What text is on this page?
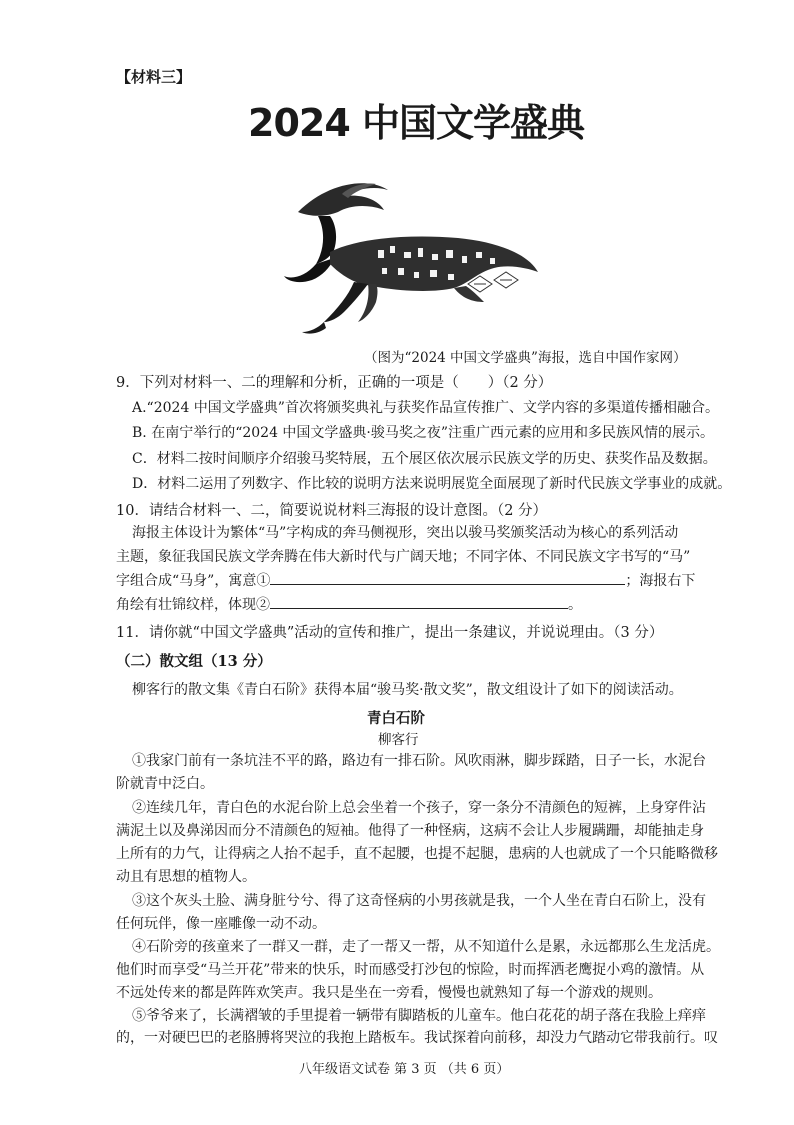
【材料三】
2024 中国文学盛典
（图为“2024 中国文学盛典”海报，选自中国作家网）
9．下列对材料一、二的理解和分析，正确的一项是（　　）（2 分）
A.“2024 中国文学盛典”首次将颁奖典礼与获奖作品宣传推广、文学内容的多渠道传播相融合。
B. 在南宁举行的“2024 中国文学盛典·骏马奖之夜”注重广西元素的应用和多民族风情的展示。
C．材料二按时间顺序介绍骏马奖特展，五个展区依次展示民族文学的历史、获奖作品及数据。
D．材料二运用了列数字、作比较的说明方法来说明展览全面展现了新时代民族文学事业的成就。
10．请结合材料一、二，简要说说材料三海报的设计意图。（2 分）
海报主体设计为繁体“马”字构成的奔马侧视形，突出以骏马奖颁奖活动为核心的系列活动
主题，象征我国民族文学奔腾在伟大新时代与广阔天地；不同字体、不同民族文字书写的“马”
字组合成“马身”，寓意①	；海报右下
角绘有壮锦纹样，体现②	。
11．请你就“中国文学盛典”活动的宣传和推广，提出一条建议，并说说理由。（3 分）
（二）散文组（13 分）
柳客行的散文集《青白石阶》获得本届“骏马奖·散文奖”，散文组设计了如下的阅读活动。
青白石阶
柳客行
①我家门前有一条坑洼不平的路，路边有一排石阶。风吹雨淋，脚步踩踏，日子一长，水泥台
阶就青中泛白。
②连续几年，青白色的水泥台阶上总会坐着一个孩子，穿一条分不清颜色的短裤，上身穿件沾
满泥土以及鼻涕因而分不清颜色的短袖。他得了一种怪病，这病不会让人步履蹒跚，却能抽走身
上所有的力气，让得病之人抬不起手，直不起腰，也提不起腿，患病的人也就成了一个只能略微移
动且有思想的植物人。
③这个灰头土脸、满身脏兮兮、得了这奇怪病的小男孩就是我，一个人坐在青白石阶上，没有
任何玩伴，像一座雕像一动不动。
④石阶旁的孩童来了一群又一群，走了一帮又一帮，从不知道什么是累，永远都那么生龙活虎。
他们时而享受“马兰开花”带来的快乐，时而感受打沙包的惊险，时而挥洒老鹰捉小鸡的激情。从
不远处传来的都是阵阵欢笑声。我只是坐在一旁看，慢慢也就熟知了每一个游戏的规则。
⑤爷爷来了，长满褶皱的手里提着一辆带有脚踏板的儿童车。他白花花的胡子落在我脸上痒痒
的，一对硬巴巴的老胳膊将哭泣的我抱上踏板车。我试探着向前移，却没力气踏动它带我前行。叹
八年级语文试卷 第 3 页 （共 6 页）
